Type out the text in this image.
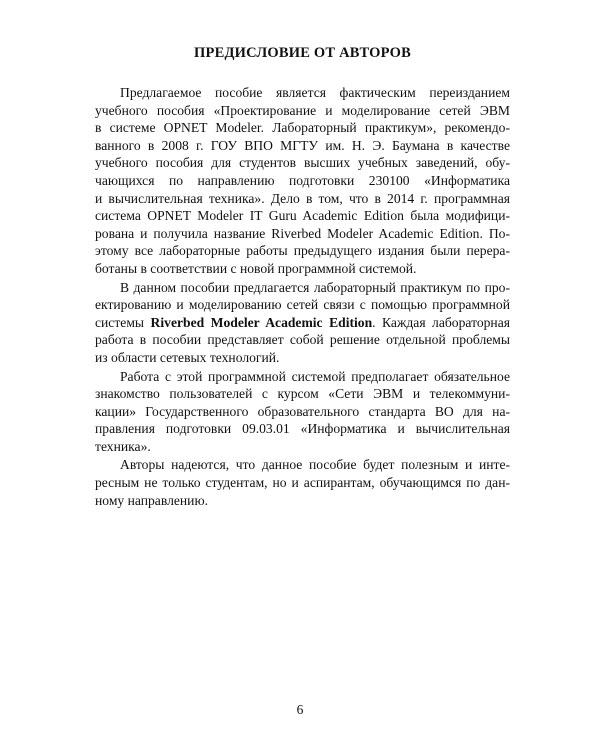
ПРЕДИСЛОВИЕ ОТ АВТОРОВ

Предлагаемое пособие является фактическим переизданием
учебного пособия «Проектирование и моделирование сетей ЭВМ
в системе OPNET Modeler. Лабораторный практикум», рекомендо-
ванного в 2008 г. ГОУ ВПО МГТУ им. Н. Э. Баумана в качестве
учебного пособия для студентов высших учебных заведений, обу-
чающихся по направлению подготовки 230100 «Информатика
и вычислительная техника». Дело в том, что в 2014 г. программная
система OPNET Modeler IT Guru Academic Edition была модифици-
рована и получила название Riverbed Modeler Academic Edition. По-
этому все лабораторные работы предыдущего издания были перера-
ботаны в соответствии с новой программной системой.

В данном пособии предлагается лабораторный практикум по про-
ектированию и моделированию сетей связи с помощью программной
системы Riverbed Modeler Academic Edition. Каждая лабораторная
работа в пособии представляет собой решение отдельной проблемы
из области сетевых технологий.

Работа с этой программной системой предполагает обязательное
знакомство пользователей с курсом «Сети ЭВМ и телекоммуни-
кации» Государственного образовательного стандарта ВО для на-
правления подготовки 09.03.01 «Информатика и вычислительная
техника».

Авторы надеются, что данное пособие будет полезным и инте-
ресным не только студентам, но и аспирантам, обучающимся по дан-
ному направлению.

6
